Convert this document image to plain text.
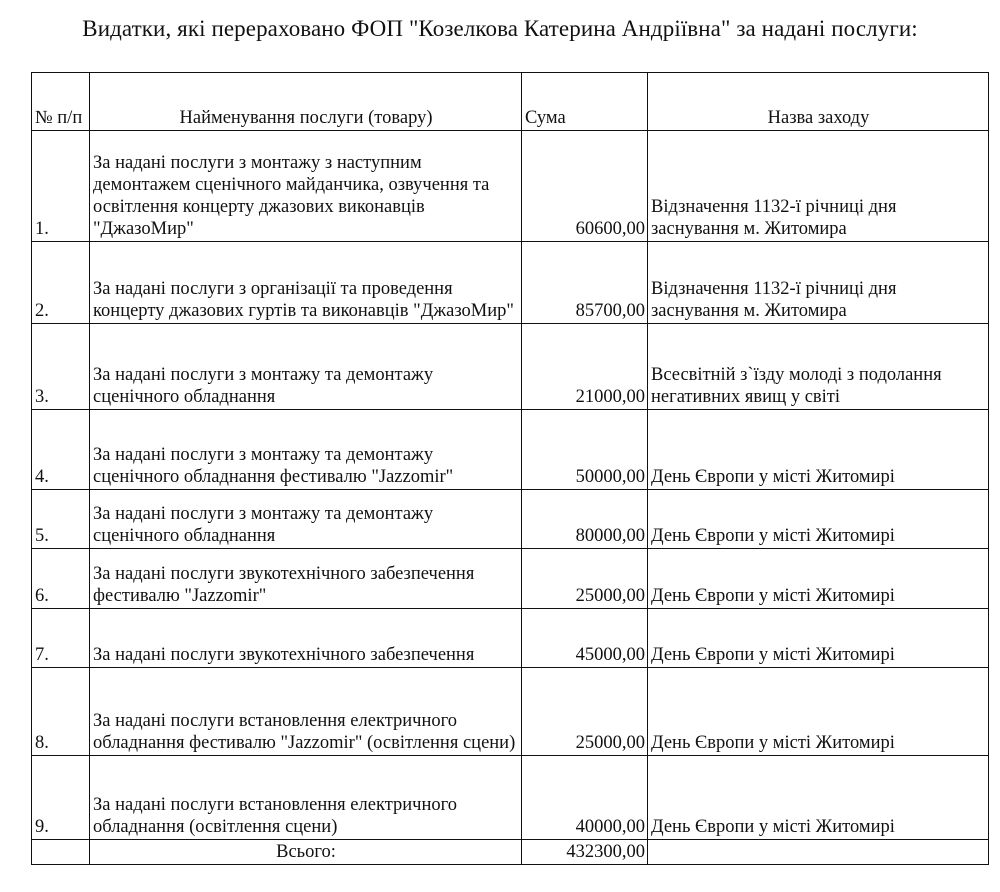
Видатки, які перераховано ФОП "Козелкова Катерина Андріївна" за надані послуги:
№ п/п	Найменування послуги (товару)	Сума	Назва заходу
1.	За надані послуги з монтажу з наступним демонтажем сценічного майданчика, озвучення та освітлення концерту джазових виконавців "ДжазоМир"	60600,00	Відзначення 1132-ї річниці дня заснування м. Житомира
2.	За надані послуги з організації та проведення концерту джазових гуртів та виконавців "ДжазоМир"	85700,00	Відзначення 1132-ї річниці дня заснування м. Житомира
3.	За надані послуги з монтажу та демонтажу сценічного обладнання	21000,00	Всесвітній з`їзду молоді з подолання негативних явищ у світі
4.	За надані послуги з монтажу та демонтажу сценічного обладнання фестивалю "Jazzomir"	50000,00	День Європи у місті Житомирі
5.	За надані послуги з монтажу та демонтажу сценічного обладнання	80000,00	День Європи у місті Житомирі
6.	За надані послуги звукотехнічного забезпечення фестивалю "Jazzomir"	25000,00	День Європи у місті Житомирі
7.	За надані послуги звукотехнічного забезпечення	45000,00	День Європи у місті Житомирі
8.	За надані послуги встановлення електричного обладнання фестивалю "Jazzomir" (освітлення сцени)	25000,00	День Європи у місті Житомирі
9.	За надані послуги встановлення електричного обладнання (освітлення сцени)	40000,00	День Європи у місті Житомирі
	Всього:	432300,00	
